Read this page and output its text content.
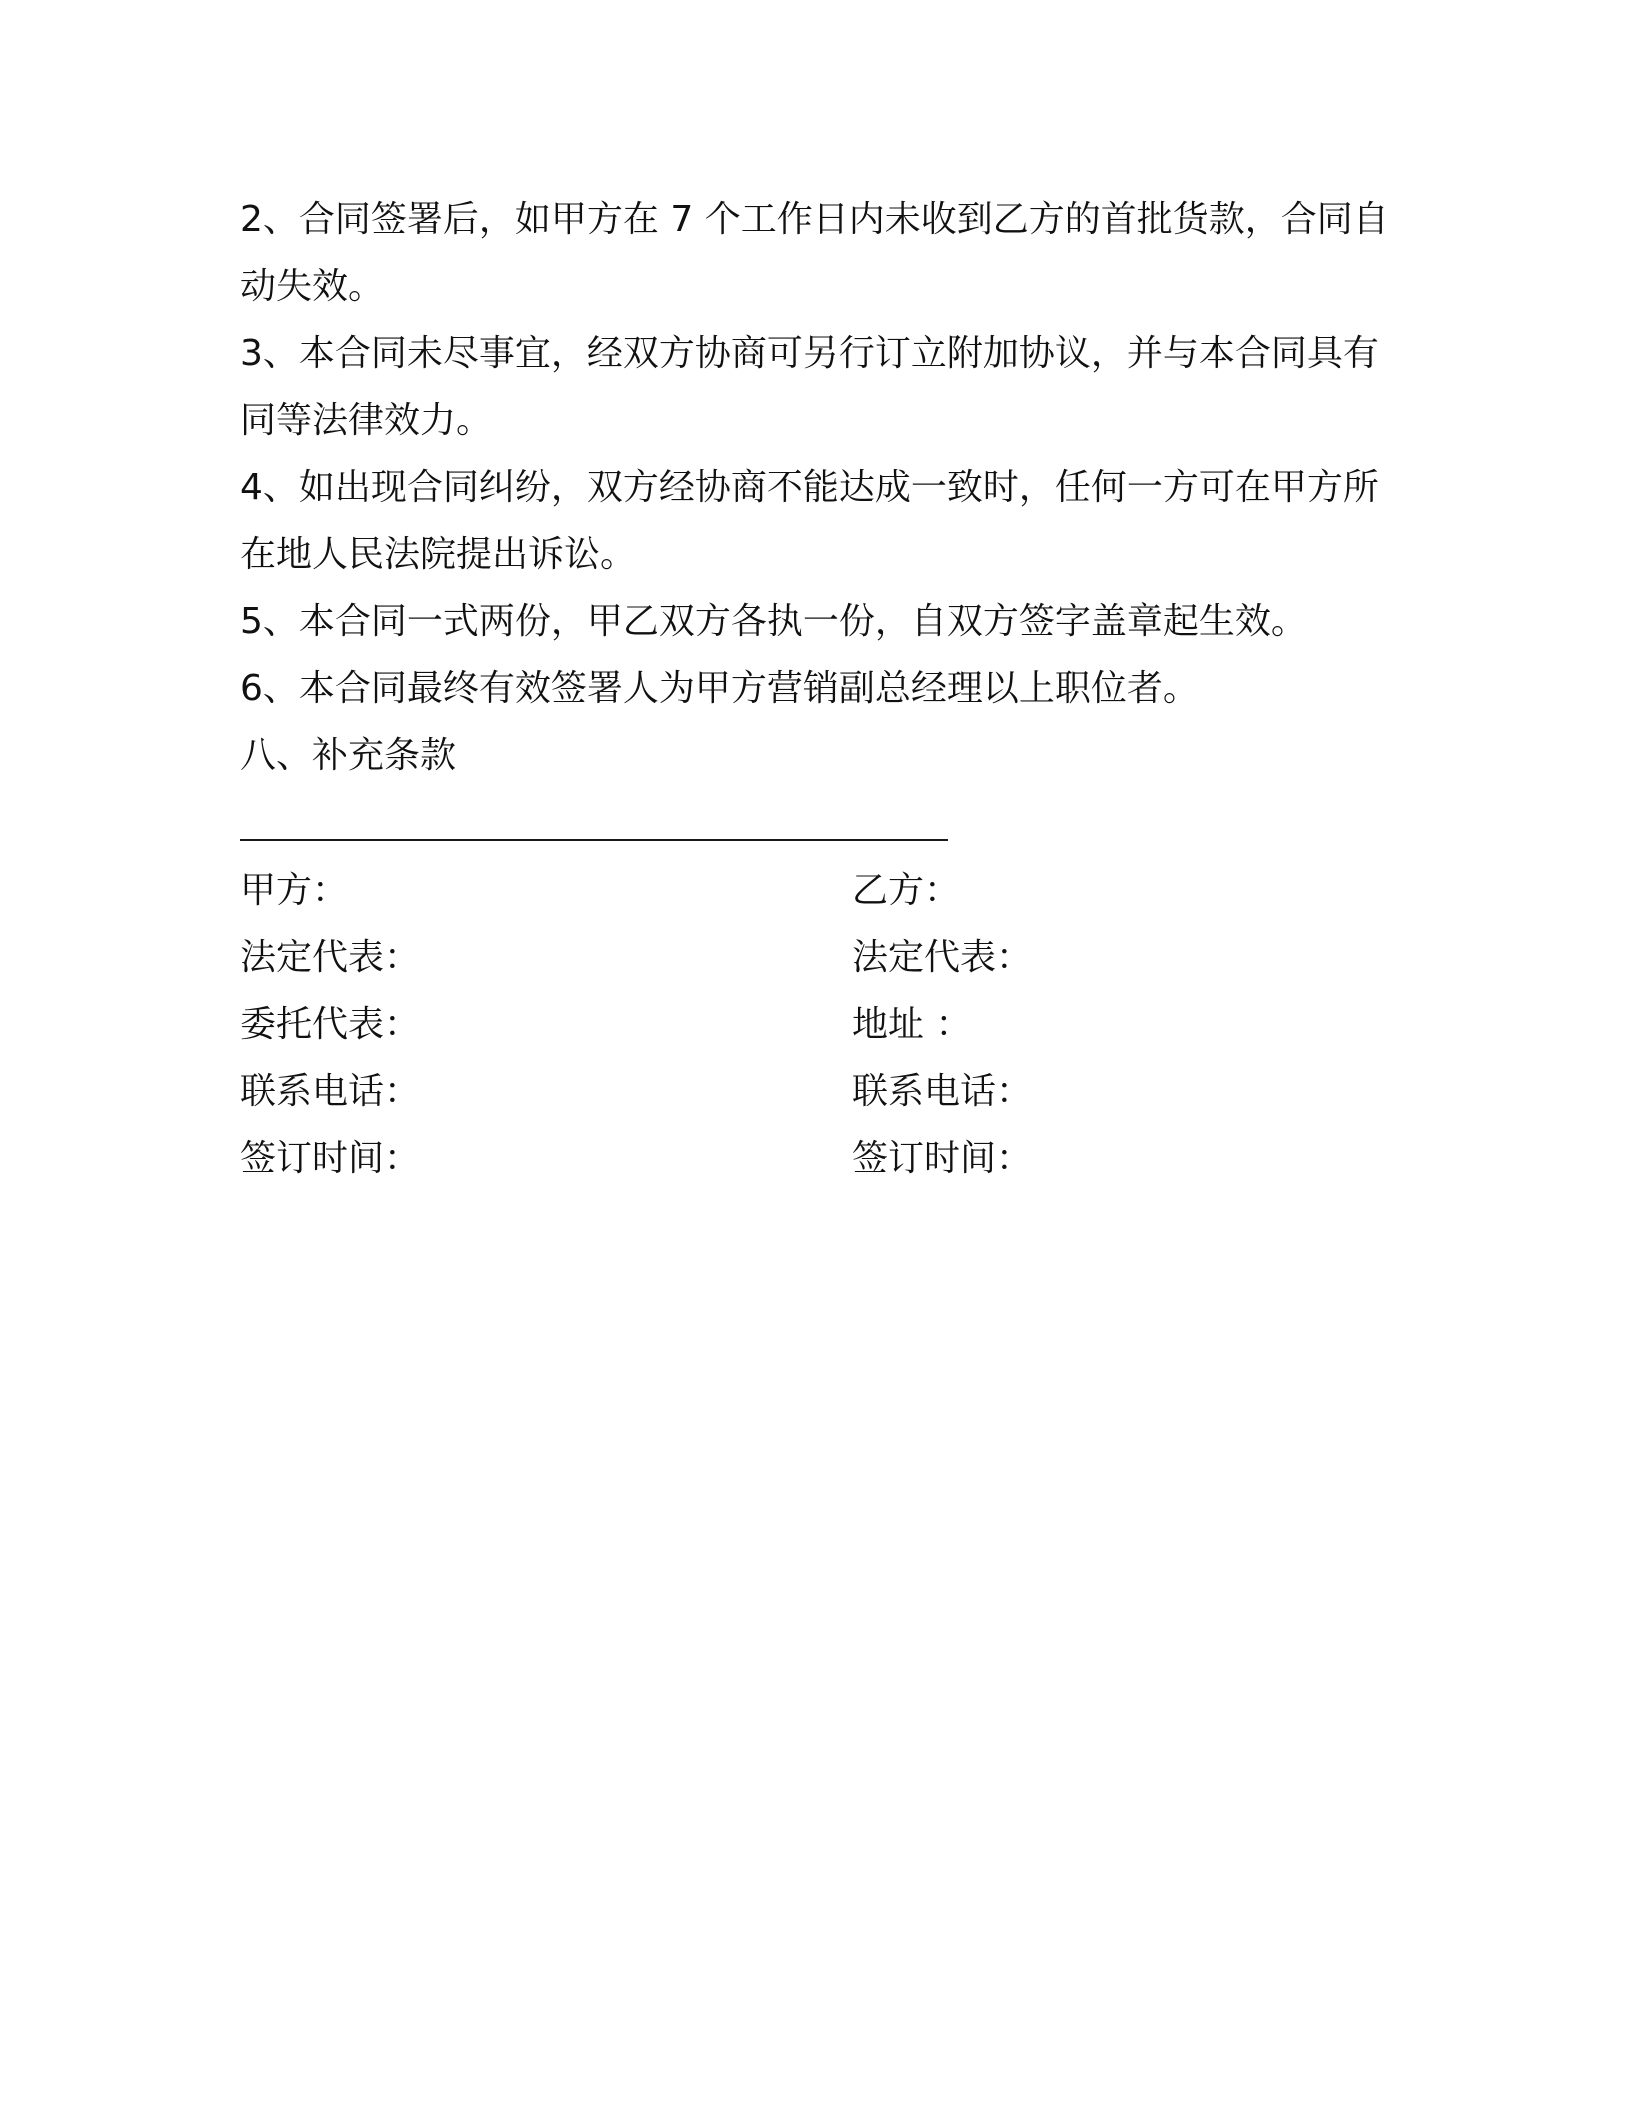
2、合同签署后，如甲方在 7 个工作日内未收到乙方的首批货款，合同自动失效。

3、本合同未尽事宜，经双方协商可另行订立附加协议，并与本合同具有同等法律效力。

4、如出现合同纠纷，双方经协商不能达成一致时，任何一方可在甲方所在地人民法院提出诉讼。

5、本合同一式两份，甲乙双方各执一份，自双方签字盖章起生效。

6、本合同最终有效签署人为甲方营销副总经理以上职位者。

八、补充条款

甲方：	乙方：
法定代表：	法定代表：
委托代表：	地址 ：
联系电话：	联系电话：
签订时间：	签订时间：
